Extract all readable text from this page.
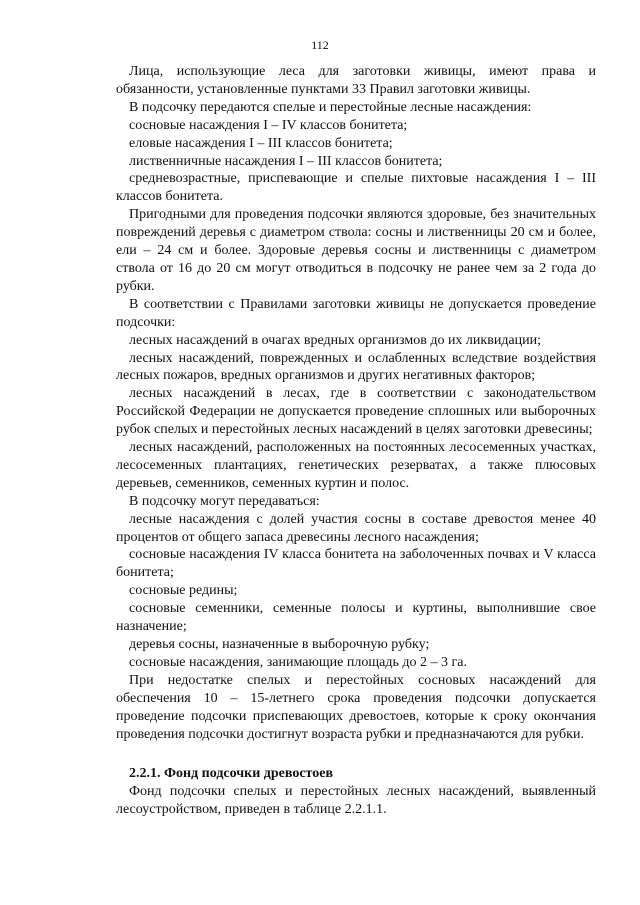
112

Лица, использующие леса для заготовки живицы, имеют права и обязанности, установленные пунктами 33 Правил заготовки живицы.

В подсочку передаются спелые и перестойные лесные насаждения:

сосновые насаждения I – IV классов бонитета;

еловые насаждения I – III классов бонитета;

лиственничные насаждения I – III классов бонитета;

средневозрастные, приспевающие и спелые пихтовые насаждения I – III классов бонитета.

Пригодными для проведения подсочки являются здоровые, без значительных повреждений деревья с диаметром ствола: сосны и лиственницы 20 см и более, ели – 24 см и более. Здоровые деревья сосны и лиственницы с диаметром ствола от 16 до 20 см могут отводиться в подсочку не ранее чем за 2 года до рубки.

В соответствии с Правилами заготовки живицы не допускается проведение подсочки:

лесных насаждений в очагах вредных организмов до их ликвидации;

лесных насаждений, поврежденных и ослабленных вследствие воздействия лесных пожаров, вредных организмов и других негативных факторов;

лесных насаждений в лесах, где в соответствии с законодательством Российской Федерации не допускается проведение сплошных или выборочных рубок спелых и перестойных лесных насаждений в целях заготовки древесины;

лесных насаждений, расположенных на постоянных лесосеменных участках, лесосеменных плантациях, генетических резерватах, а также плюсовых деревьев, семенников, семенных куртин и полос.

В подсочку могут передаваться:

лесные насаждения с долей участия сосны в составе древостоя менее 40 процентов от общего запаса древесины лесного насаждения;

сосновые насаждения IV класса бонитета на заболоченных почвах и V класса бонитета;

сосновые редины;

сосновые семенники, семенные полосы и куртины, выполнившие свое назначение;

деревья сосны, назначенные в выборочную рубку;

сосновые насаждения, занимающие площадь до 2 – 3 га.

При недостатке спелых и перестойных сосновых насаждений для обеспечения 10 – 15-летнего срока проведения подсочки допускается проведение подсочки приспевающих древостоев, которые к сроку окончания проведения подсочки достигнут возраста рубки и предназначаются для рубки.

2.2.1. Фонд подсочки древостоев

Фонд подсочки спелых и перестойных лесных насаждений, выявленный лесоустройством, приведен в таблице 2.2.1.1.
